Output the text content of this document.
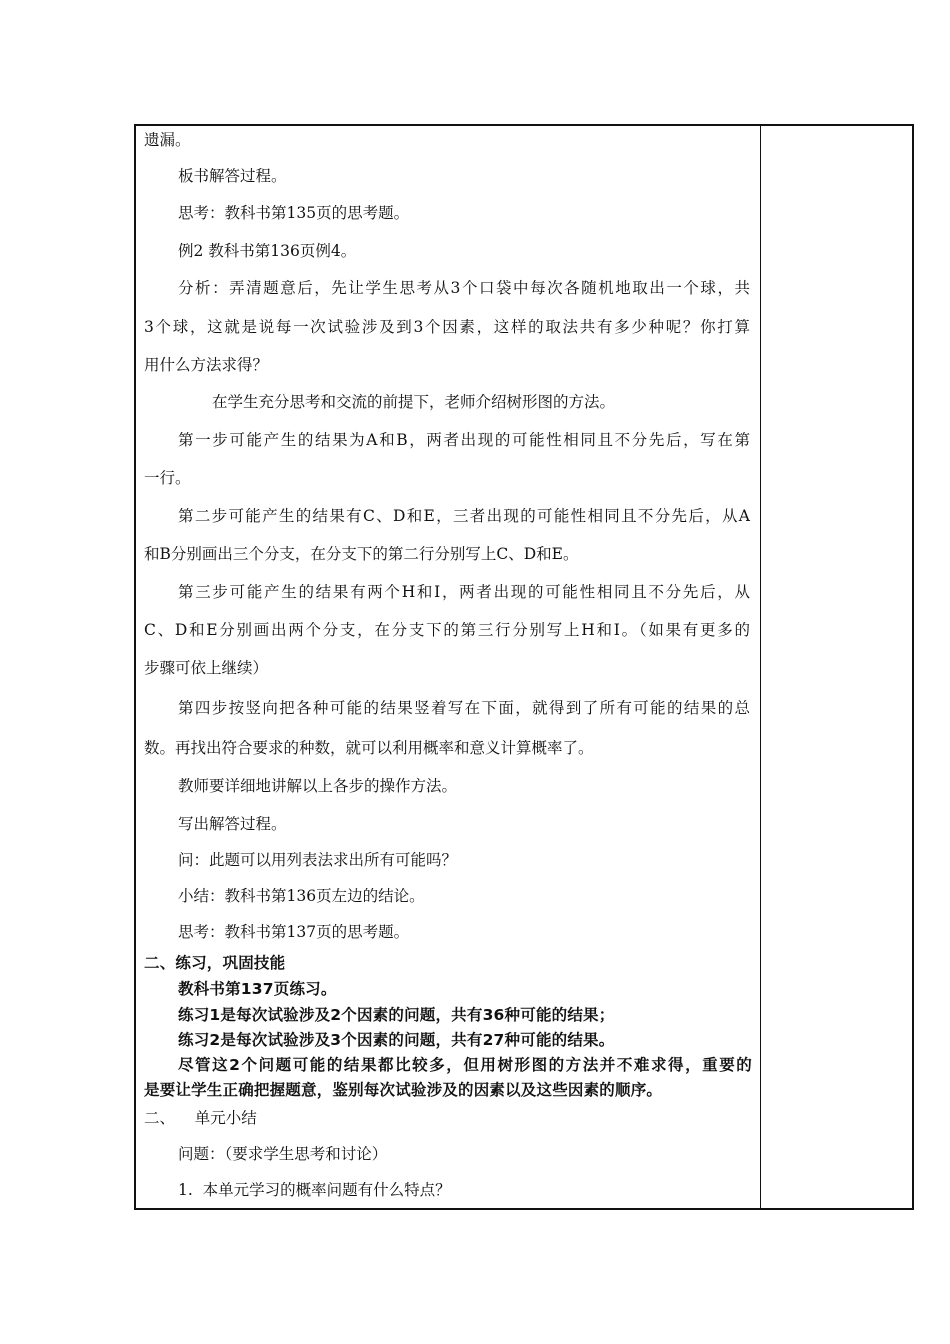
遗漏。
板书解答过程。
思考：教科书第135页的思考题。
例2 教科书第136页例4。
分析：弄清题意后，先让学生思考从3个口袋中每次各随机地取出一个球，共
3个球，这就是说每一次试验涉及到3个因素，这样的取法共有多少种呢？你打算
用什么方法求得？
在学生充分思考和交流的前提下，老师介绍树形图的方法。
第一步可能产生的结果为A和B，两者出现的可能性相同且不分先后，写在第
一行。
第二步可能产生的结果有C、D和E，三者出现的可能性相同且不分先后，从A
和B分别画出三个分支，在分支下的第二行分别写上C、D和E。
第三步可能产生的结果有两个H和I，两者出现的可能性相同且不分先后，从
C、D和E分别画出两个分支，在分支下的第三行分别写上H和I。（如果有更多的
步骤可依上继续）
第四步按竖向把各种可能的结果竖着写在下面，就得到了所有可能的结果的总
数。再找出符合要求的种数，就可以利用概率和意义计算概率了。
教师要详细地讲解以上各步的操作方法。
写出解答过程。
问：此题可以用列表法求出所有可能吗？
小结：教科书第136页左边的结论。
思考：教科书第137页的思考题。
二、练习，巩固技能
教科书第137页练习。
练习1是每次试验涉及2个因素的问题，共有36种可能的结果；
练习2是每次试验涉及3个因素的问题，共有27种可能的结果。
尽管这2个问题可能的结果都比较多，但用树形图的方法并不难求得，重要的
是要让学生正确把握题意，鉴别每次试验涉及的因素以及这些因素的顺序。
二、    单元小结
问题：（要求学生思考和讨论）
1.  本单元学习的概率问题有什么特点？
